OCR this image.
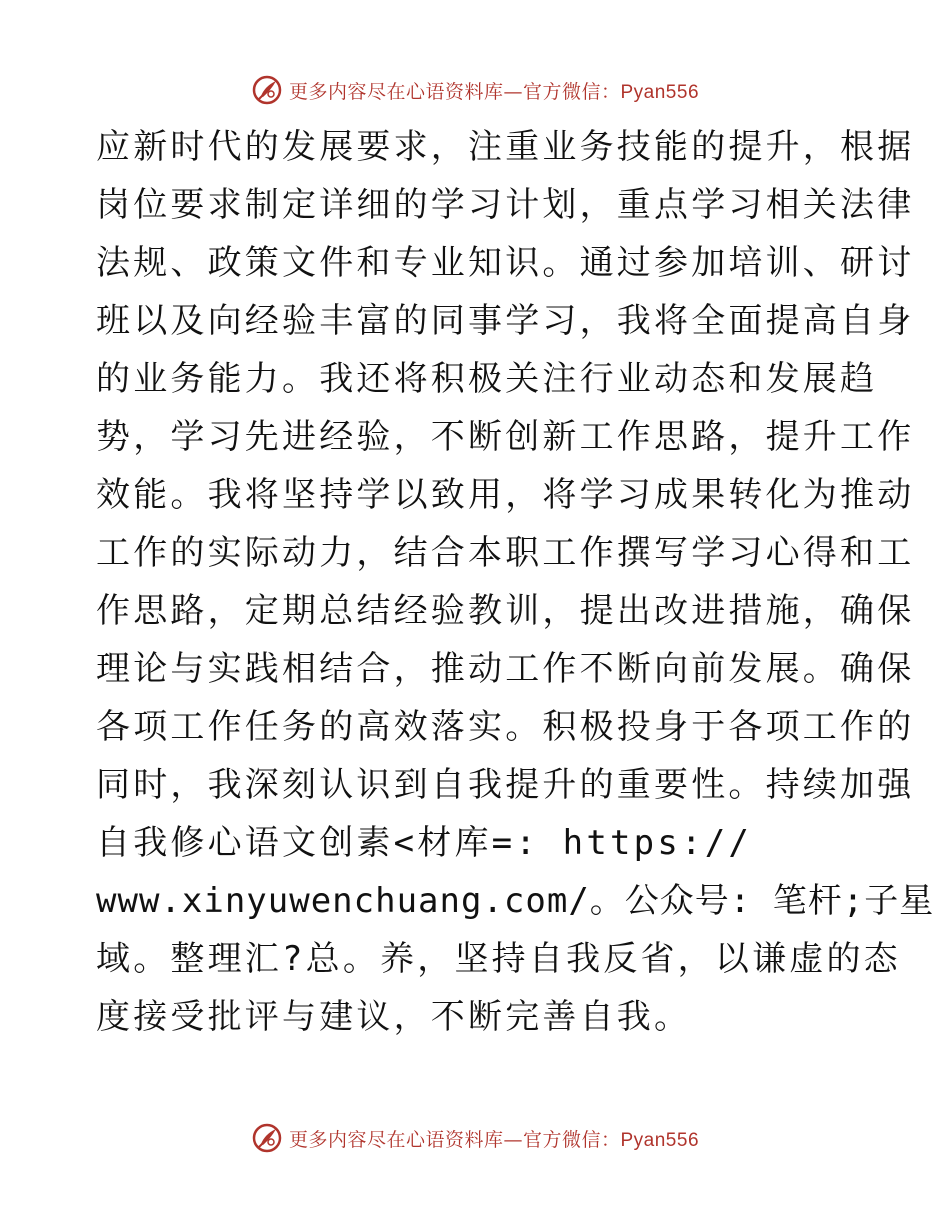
更多内容尽在心语资料库—官方微信：Pyan556
应新时代的发展要求，注重业务技能的提升，根据
岗位要求制定详细的学习计划，重点学习相关法律
法规、政策文件和专业知识。通过参加培训、研讨
班以及向经验丰富的同事学习，我将全面提高自身
的业务能力。我还将积极关注行业动态和发展趋
势，学习先进经验，不断创新工作思路，提升工作
效能。我将坚持学以致用，将学习成果转化为推动
工作的实际动力，结合本职工作撰写学习心得和工
作思路，定期总结经验教训，提出改进措施，确保
理论与实践相结合，推动工作不断向前发展。确保
各项工作任务的高效落实。积极投身于各项工作的
同时，我深刻认识到自我提升的重要性。持续加强
自我修心语文创素<材库=: https://
www.xinyuwenchuang.com/。公众号: 笔杆;子星
域。整理汇?总。养，坚持自我反省，以谦虚的态
度接受批评与建议，不断完善自我。
更多内容尽在心语资料库—官方微信：Pyan556
